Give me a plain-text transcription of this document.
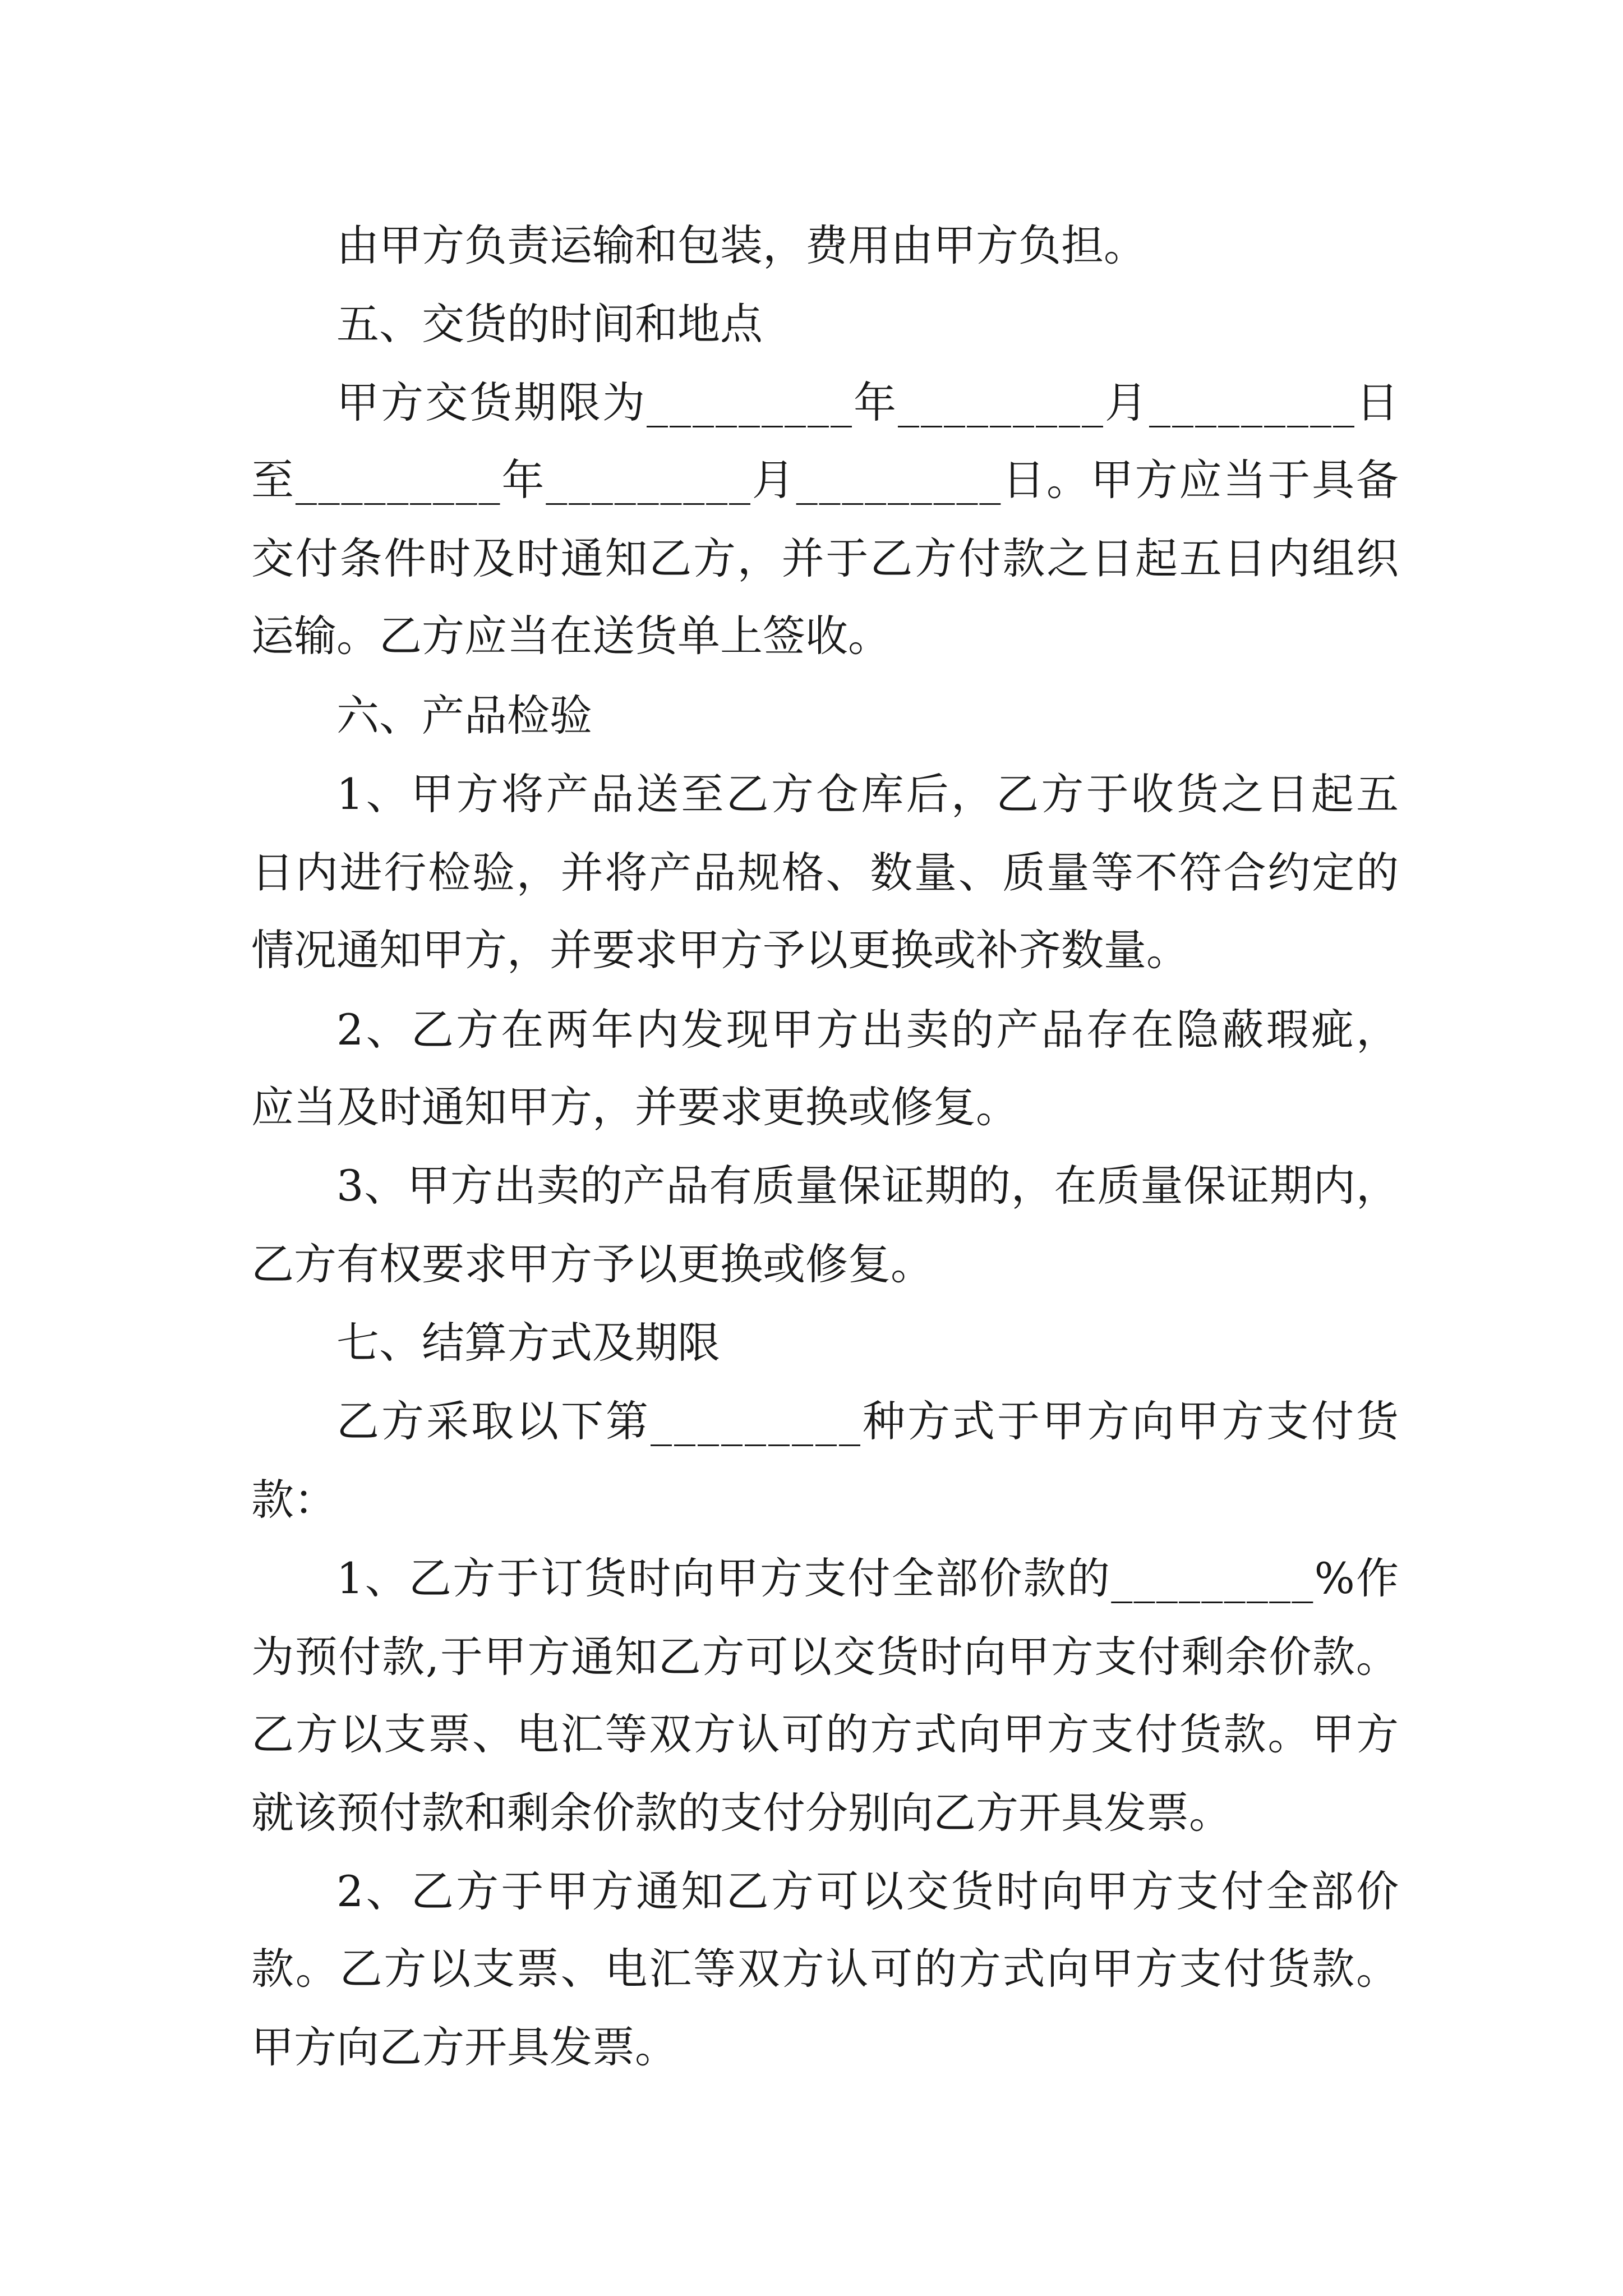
由甲方负责运输和包装，费用由甲方负担。

五、交货的时间和地点

甲方交货期限为_________年_________月_________日

至_________年_________月_________日。甲方应当于具备

交付条件时及时通知乙方，并于乙方付款之日起五日内组织

运输。乙方应当在送货单上签收。

六、产品检验

1、甲方将产品送至乙方仓库后，乙方于收货之日起五

日内进行检验，并将产品规格、数量、质量等不符合约定的

情况通知甲方，并要求甲方予以更换或补齐数量。

2、乙方在两年内发现甲方出卖的产品存在隐蔽瑕疵，

应当及时通知甲方，并要求更换或修复。

3、甲方出卖的产品有质量保证期的，在质量保证期内，

乙方有权要求甲方予以更换或修复。

七、结算方式及期限

乙方采取以下第_________种方式于甲方向甲方支付货

款：

1、乙方于订货时向甲方支付全部价款的_________%作

为预付款,于甲方通知乙方可以交货时向甲方支付剩余价款。

乙方以支票、电汇等双方认可的方式向甲方支付货款。甲方

就该预付款和剩余价款的支付分别向乙方开具发票。

2、乙方于甲方通知乙方可以交货时向甲方支付全部价

款。乙方以支票、电汇等双方认可的方式向甲方支付货款。

甲方向乙方开具发票。
